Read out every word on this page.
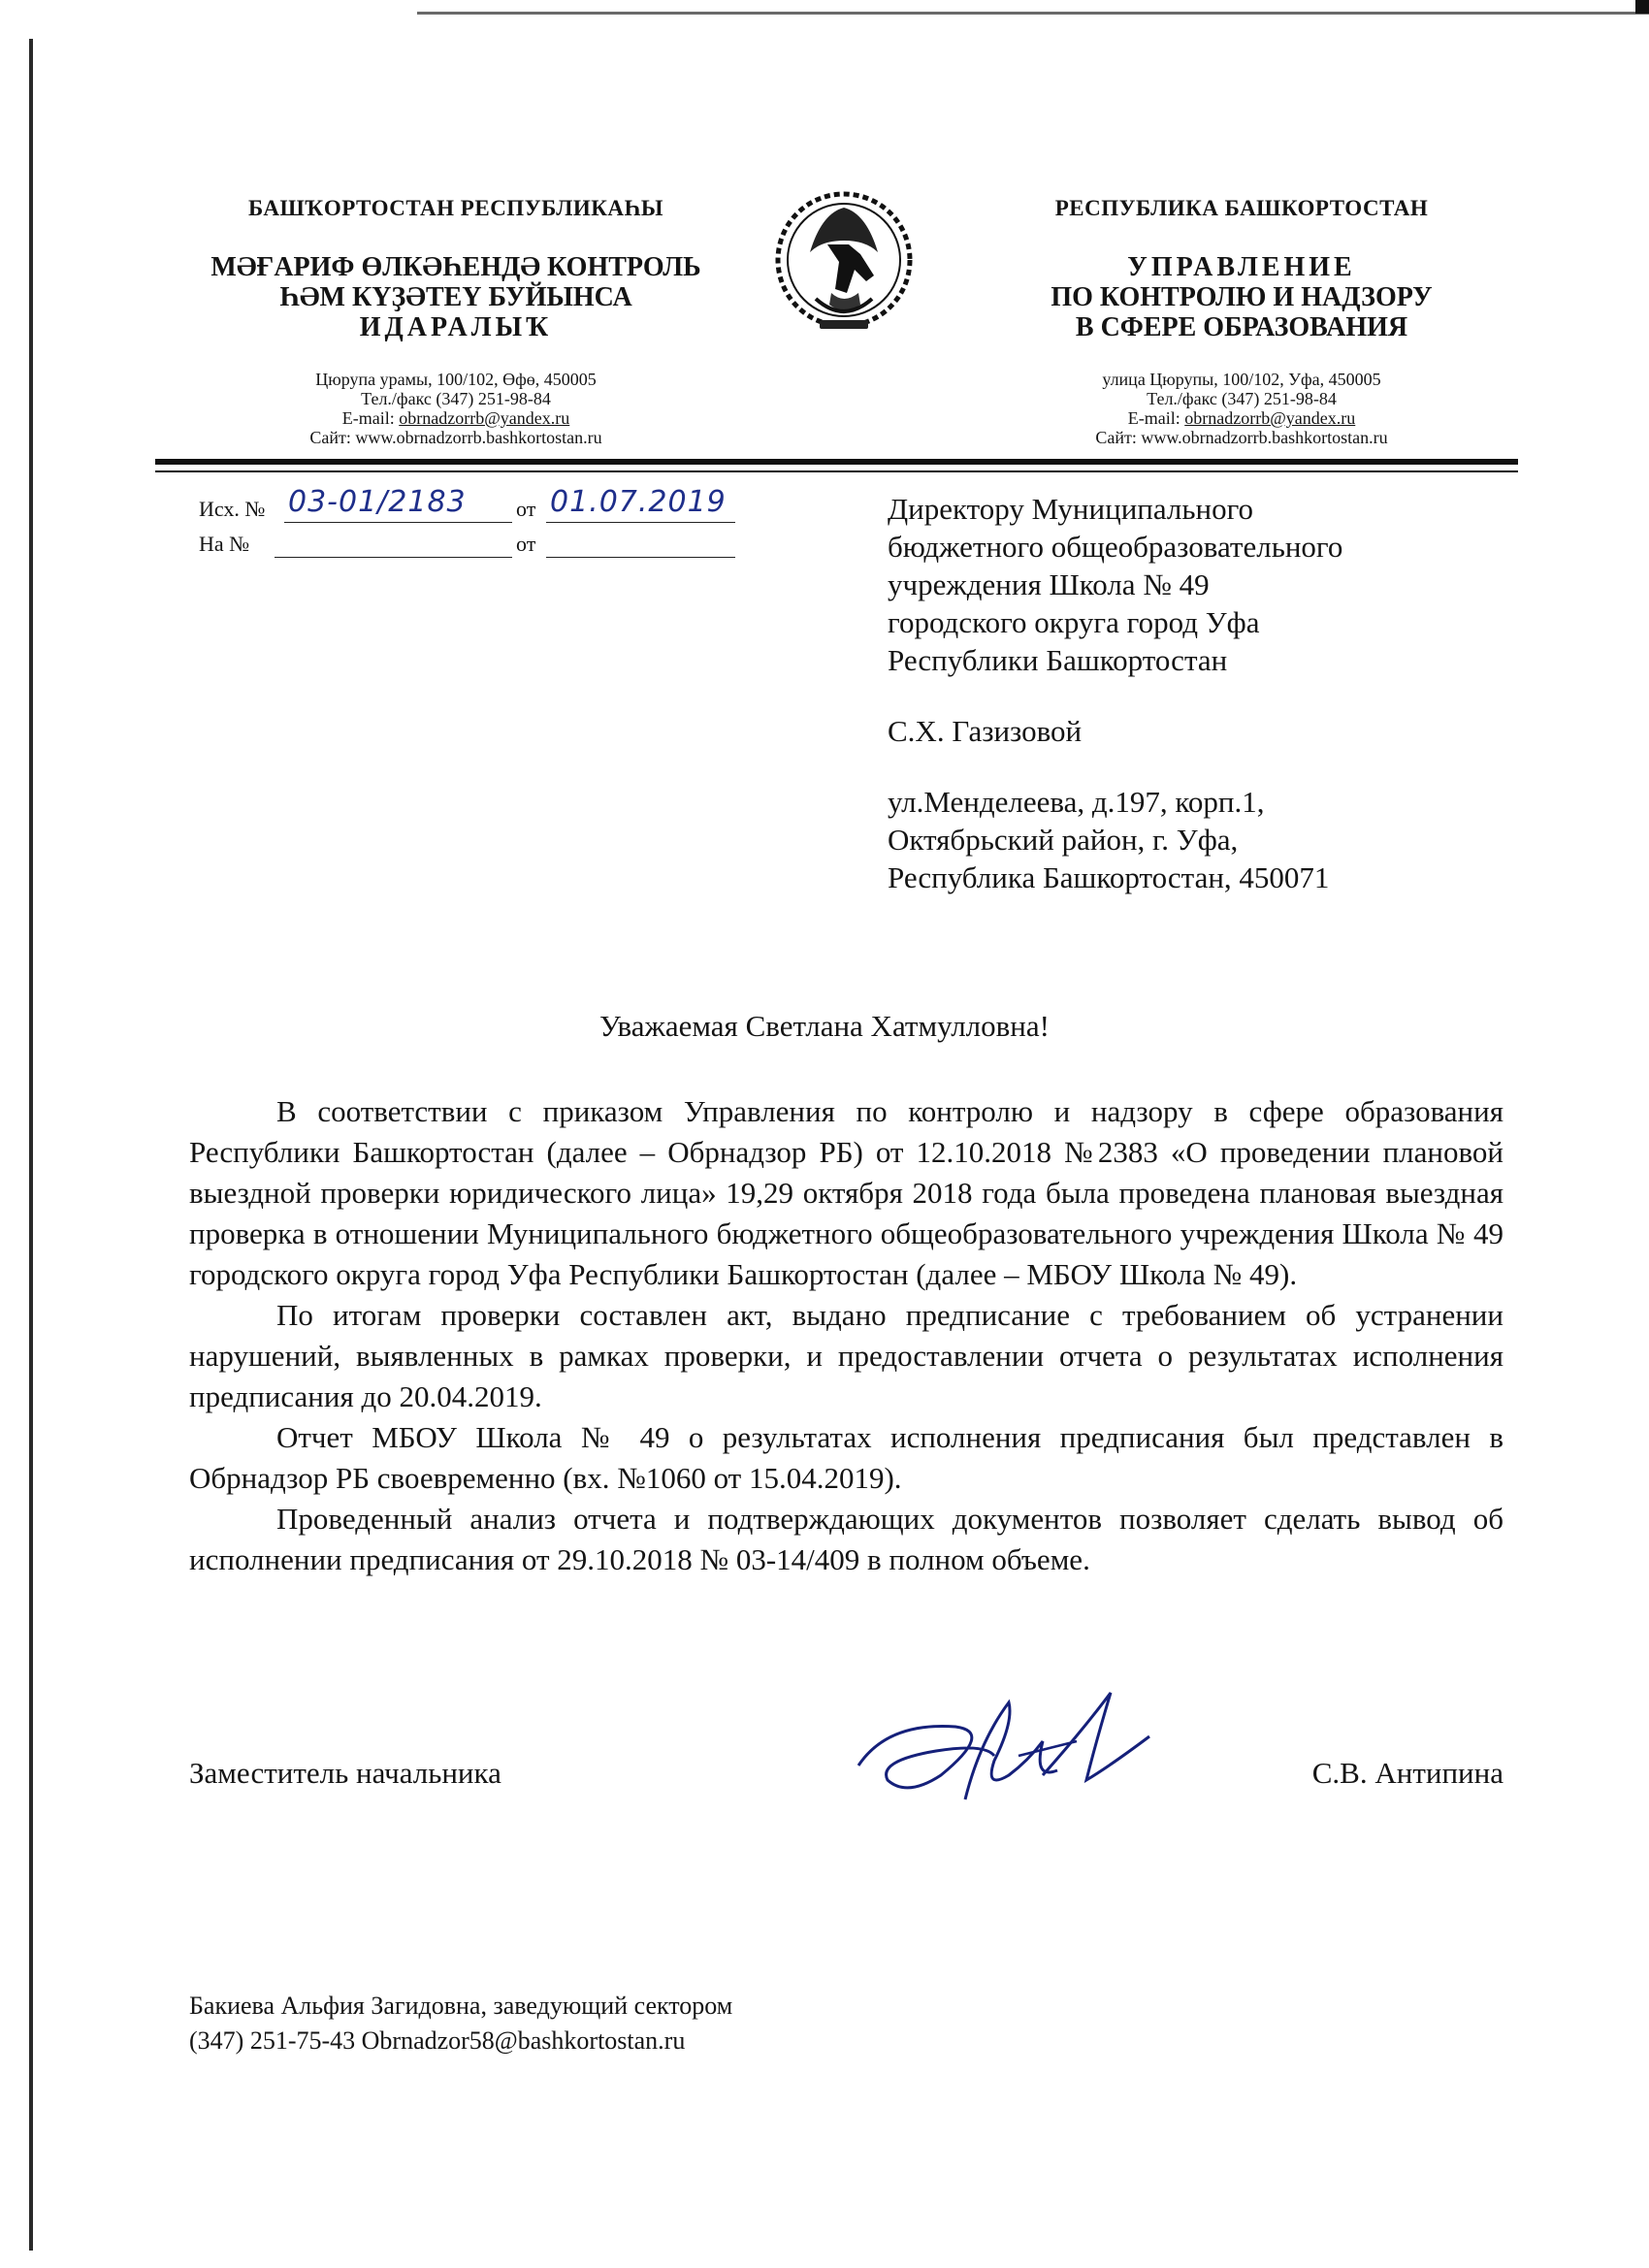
БАШҠОРТОСТАН РЕСПУБЛИКАҺЫ
МӘҒАРИФ ӨЛКӘҺЕНДӘ КОНТРОЛЬ
ҺӘМ КҮҘӘТЕҮ БУЙЫНСА
ИДАРАЛЫҠ
Цюрупа урамы, 100/102, Өфө, 450005
Тел./факс (347) 251-98-84
E-mail: obrnadzorrb@yandex.ru
Сайт: www.obrnadzorrb.bashkortostan.ru
РЕСПУБЛИКА БАШКОРТОСТАН
УПРАВЛЕНИЕ
ПО КОНТРОЛЮ И НАДЗОРУ
В СФЕРЕ ОБРАЗОВАНИЯ
улица Цюрупы, 100/102, Уфа, 450005
Тел./факс (347) 251-98-84
E-mail: obrnadzorrb@yandex.ru
Сайт: www.obrnadzorrb.bashkortostan.ru
Исх. № 03-01/2183 от 01.07.2019
На №	от
Директору Муниципального
бюджетного общеобразовательного
учреждения Школа № 49
городского округа город Уфа
Республики Башкортостан
С.Х. Газизовой
ул.Менделеева, д.197, корп.1,
Октябрьский район, г. Уфа,
Республика Башкортостан, 450071
Уважаемая Светлана Хатмулловна!

В соответствии с приказом Управления по контролю и надзору в сфере образования Республики Башкортостан (далее – Обрнадзор РБ) от 12.10.2018 №2383 «О проведении плановой выездной проверки юридического лица» 19,29 октября 2018 года была проведена плановая выездная проверка в отношении Муниципального бюджетного общеобразовательного учреждения Школа № 49 городского округа город Уфа Республики Башкортостан (далее – МБОУ Школа № 49).

По итогам проверки составлен акт, выдано предписание с требованием об устранении нарушений, выявленных в рамках проверки, и предоставлении отчета о результатах исполнения предписания до 20.04.2019.

Отчет МБОУ Школа № 49 о результатах исполнения предписания был представлен в Обрнадзор РБ своевременно (вх. №1060 от 15.04.2019).

Проведенный анализ отчета и подтверждающих документов позволяет сделать вывод об исполнении предписания от 29.10.2018 № 03-14/409 в полном объеме.

Заместитель начальника	С.В. Антипина
Бакиева Альфия Загидовна, заведующий сектором
(347) 251-75-43 Obrnadzor58@bashkortostan.ru
